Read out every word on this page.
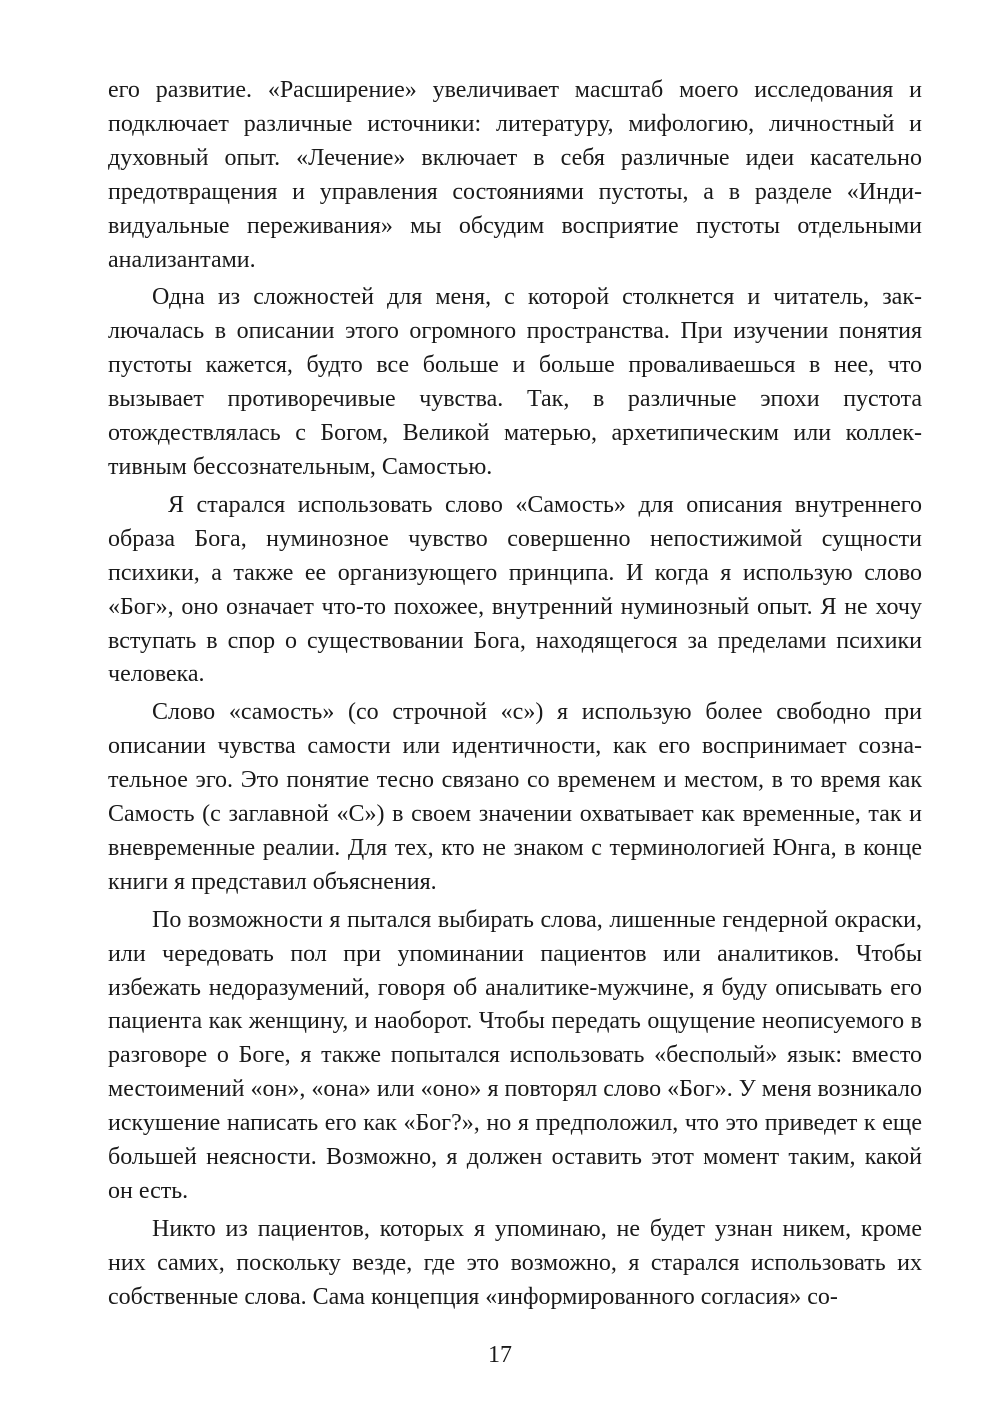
его развитие. «Расширение» увеличивает масштаб моего исследования и подключает различные источники: литературу, мифологию, личностный и духовный опыт. «Лечение» включает в себя различные идеи касательно предотвращения и управления состояниями пустоты, а в разделе «Индивидуальные переживания» мы обсудим восприятие пустоты отдельными анализантами.

Одна из сложностей для меня, с которой столкнется и читатель, заключалась в описании этого огромного пространства. При изучении понятия пустоты кажется, будто все больше и больше проваливаешься в нее, что вызывает противоречивые чувства. Так, в различные эпохи пустота отождествлялась с Богом, Великой матерью, архетипическим или коллективным бессознательным, Самостью.

Я старался использовать слово «Самость» для описания внутреннего образа Бога, нуминозное чувство совершенно непостижимой сущности психики, а также ее организующего принципа. И когда я использую слово «Бог», оно означает что-то похожее, внутренний нуминозный опыт. Я не хочу вступать в спор о существовании Бога, находящегося за пределами психики человека.

Слово «самость» (со строчной «с») я использую более свободно при описании чувства самости или идентичности, как его воспринимает сознательное эго. Это понятие тесно связано со временем и местом, в то время как Самость (с заглавной «С») в своем значении охватывает как временные, так и вневременные реалии. Для тех, кто не знаком с терминологией Юнга, в конце книги я представил объяснения.

По возможности я пытался выбирать слова, лишенные гендерной окраски, или чередовать пол при упоминании пациентов или аналитиков. Чтобы избежать недоразумений, говоря об аналитике-мужчине, я буду описывать его пациента как женщину, и наоборот. Чтобы передать ощущение неописуемого в разговоре о Боге, я также попытался использовать «бесполый» язык: вместо местоимений «он», «она» или «оно» я повторял слово «Бог». У меня возникало искушение написать его как «Бог?», но я предположил, что это приведет к еще большей неясности. Возможно, я должен оставить этот момент таким, какой он есть.

Никто из пациентов, которых я упоминаю, не будет узнан никем, кроме них самих, поскольку везде, где это возможно, я старался использовать их собственные слова. Сама концепция «информированного согласия» со-

17
